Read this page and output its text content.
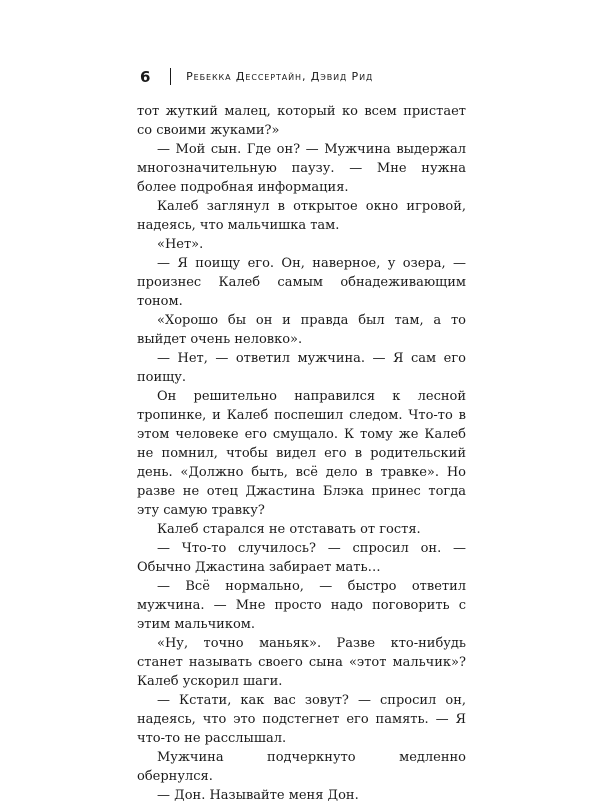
6	Ребекка Дессертайн, Дэвид Рид

тот жуткий малец, который ко всем пристает со своими жуками?»

— Мой сын. Где он? — Мужчина выдержал многозначительную паузу. — Мне нужна более подробная информация.

Калеб заглянул в открытое окно игровой, надеясь, что мальчишка там.

«Нет».

— Я поищу его. Он, наверное, у озера, — произнес Калеб самым обнадеживающим тоном.

«Хорошо бы он и правда был там, а то выйдет очень неловко».

— Нет, — ответил мужчина. — Я сам его поищу.

Он решительно направился к лесной тропинке, и Калеб поспешил следом. Что-то в этом человеке его смущало. К тому же Калеб не помнил, чтобы видел его в родительский день. «Должно быть, всё дело в травке». Но разве не отец Джастина Блэка принес тогда эту самую травку?

Калеб старался не отставать от гостя.

— Что-то случилось? — спросил он. — Обычно Джастина забирает мать…

— Всё нормально, — быстро ответил мужчина. — Мне просто надо поговорить с этим мальчиком.

«Ну, точно маньяк». Разве кто-нибудь станет называть своего сына «этот мальчик»? Калеб ускорил шаги.

— Кстати, как вас зовут? — спросил он, надеясь, что это подстегнет его память. — Я что-то не расслышал.

Мужчина подчеркнуто медленно обернулся.

— Дон. Называйте меня Дон.
